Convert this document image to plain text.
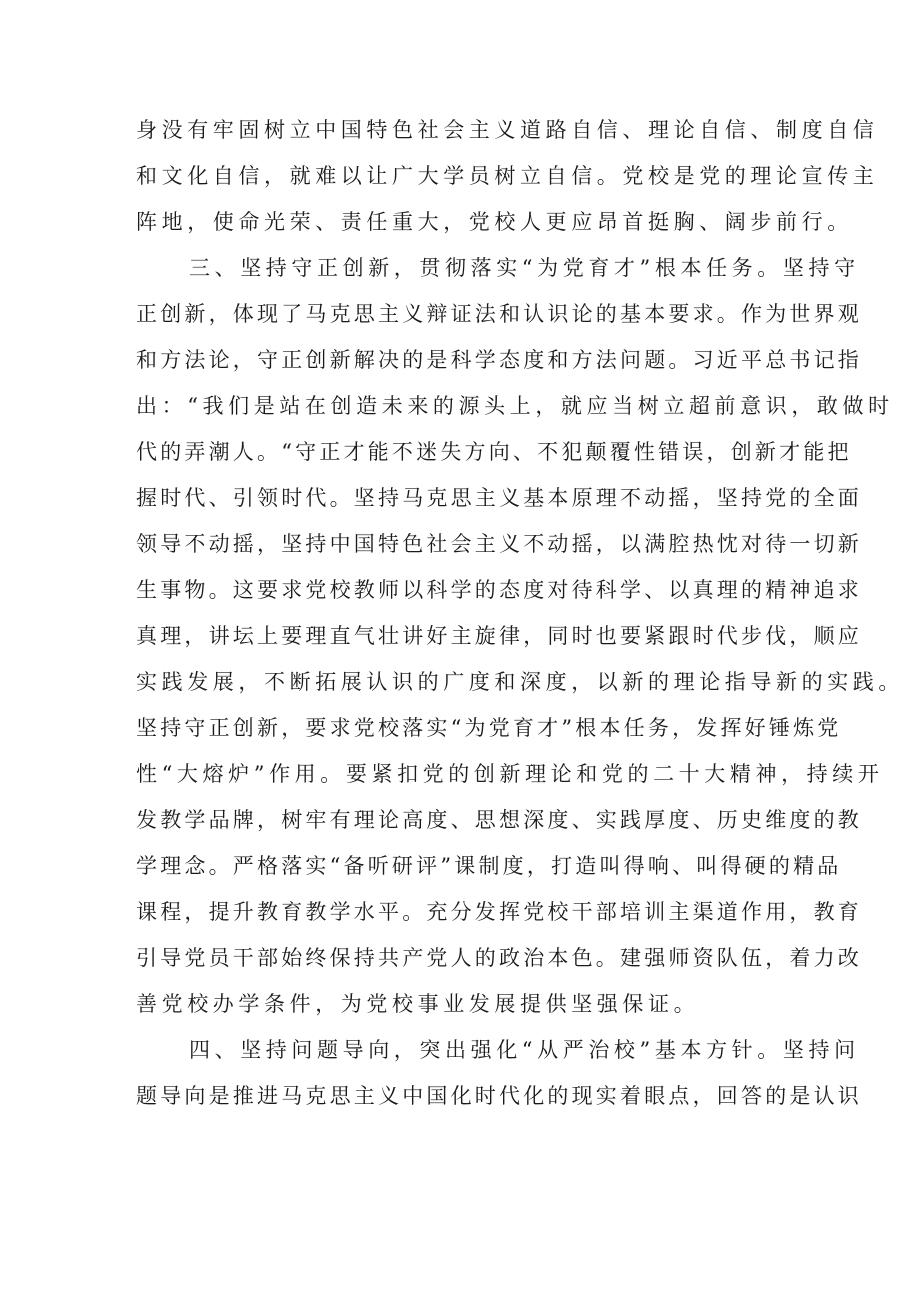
身没有牢固树立中国特色社会主义道路自信、理论自信、制度自信
和文化自信，就难以让广大学员树立自信。党校是党的理论宣传主
阵地，使命光荣、责任重大，党校人更应昂首挺胸、阔步前行。
三、坚持守正创新，贯彻落实“为党育才”根本任务。坚持守
正创新，体现了马克思主义辩证法和认识论的基本要求。作为世界观
和方法论，守正创新解决的是科学态度和方法问题。习近平总书记指
出：“我们是站在创造未来的源头上，就应当树立超前意识，敢做时
代的弄潮人。“守正才能不迷失方向、不犯颠覆性错误，创新才能把
握时代、引领时代。坚持马克思主义基本原理不动摇，坚持党的全面
领导不动摇，坚持中国特色社会主义不动摇，以满腔热忱对待一切新
生事物。这要求党校教师以科学的态度对待科学、以真理的精神追求
真理，讲坛上要理直气壮讲好主旋律，同时也要紧跟时代步伐，顺应
实践发展，不断拓展认识的广度和深度，以新的理论指导新的实践。
坚持守正创新，要求党校落实“为党育才”根本任务，发挥好锤炼党
性“大熔炉”作用。要紧扣党的创新理论和党的二十大精神，持续开
发教学品牌，树牢有理论高度、思想深度、实践厚度、历史维度的教
学理念。严格落实“备听研评”课制度，打造叫得响、叫得硬的精品
课程，提升教育教学水平。充分发挥党校干部培训主渠道作用，教育
引导党员干部始终保持共产党人的政治本色。建强师资队伍，着力改
善党校办学条件，为党校事业发展提供坚强保证。
四、坚持问题导向，突出强化“从严治校”基本方针。坚持问
题导向是推进马克思主义中国化时代化的现实着眼点，回答的是认识
